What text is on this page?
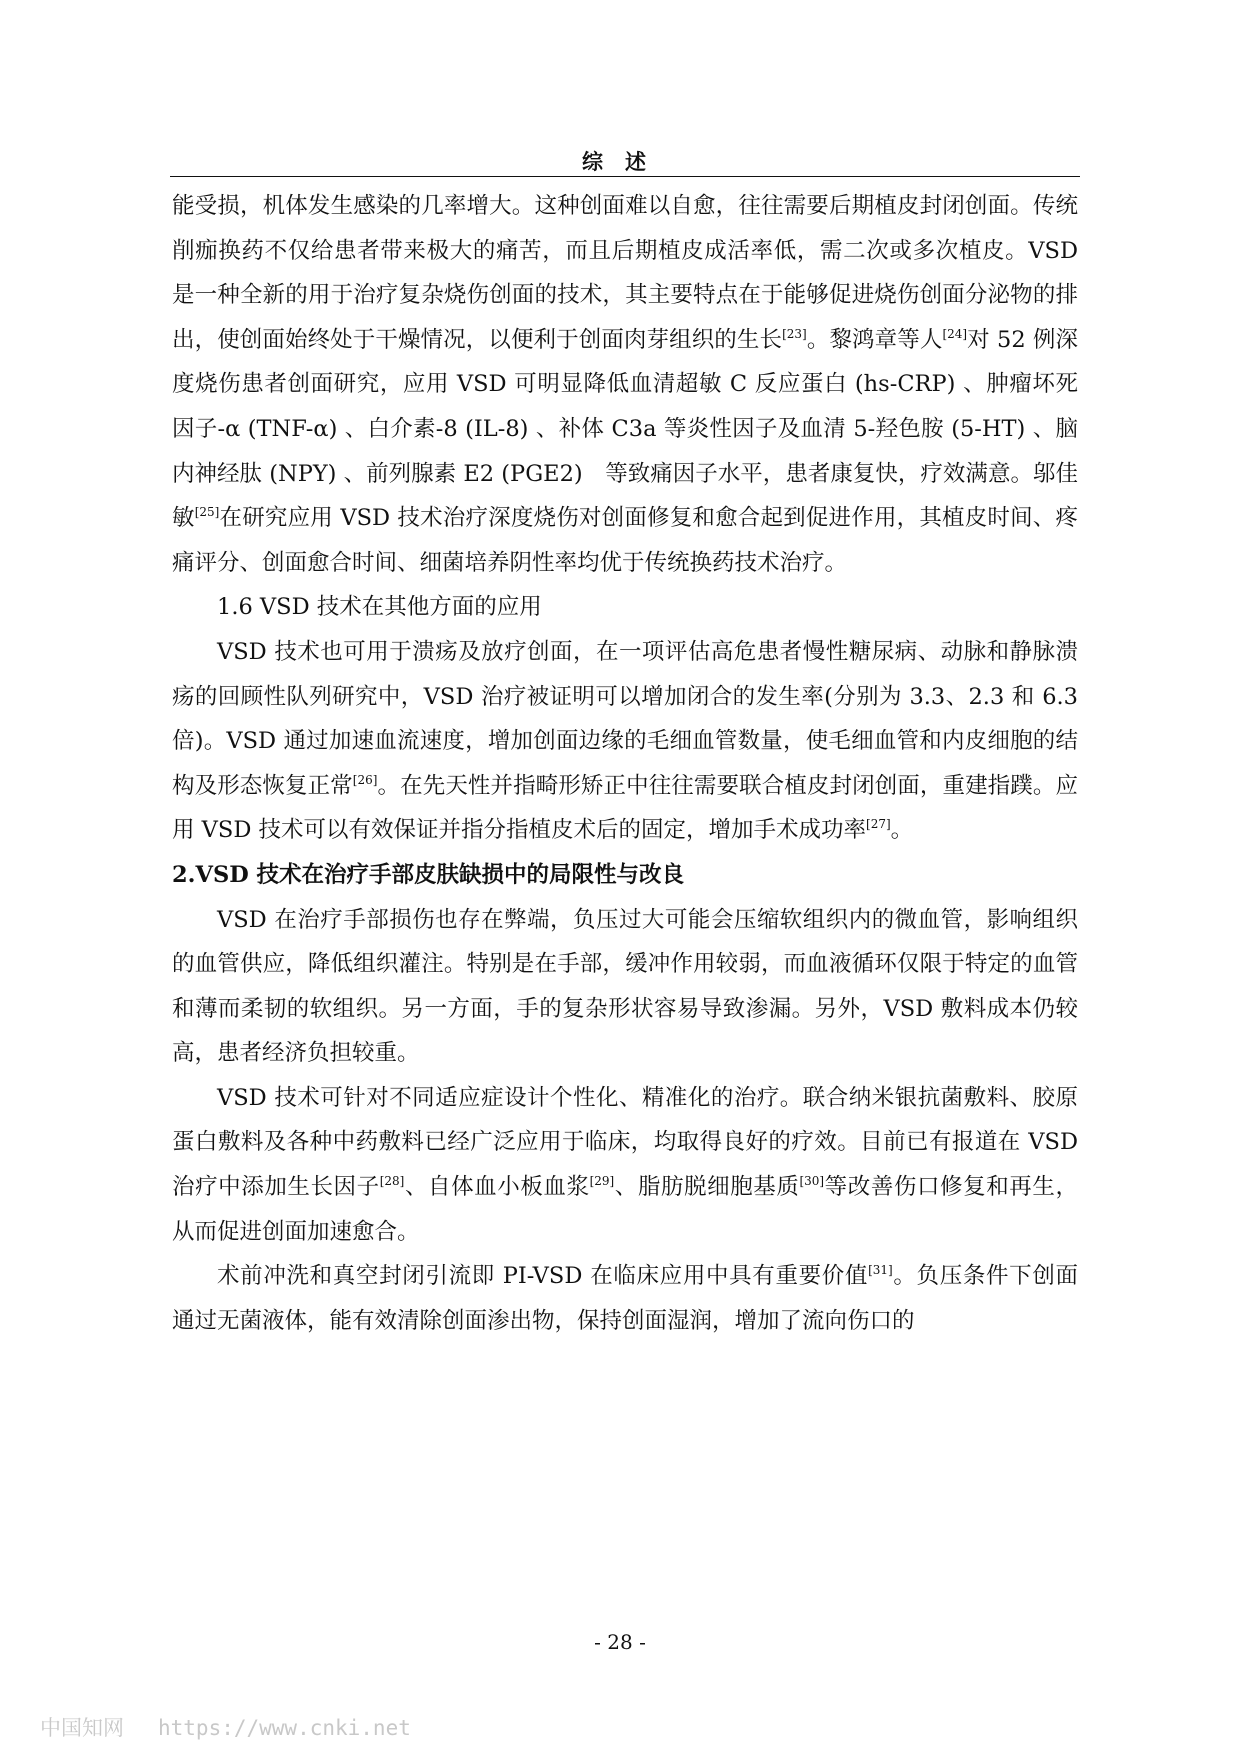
综述

能受损，机体发生感染的几率增大。这种创面难以自愈，往往需要后期植皮封闭创面。传统削痂换药不仅给患者带来极大的痛苦，而且后期植皮成活率低，需二次或多次植皮。VSD 是一种全新的用于治疗复杂烧伤创面的技术，其主要特点在于能够促进烧伤创面分泌物的排出，使创面始终处于干燥情况，以便利于创面肉芽组织的生长[23]。黎鸿章等人[24]对 52 例深度烧伤患者创面研究，应用 VSD 可明显降低血清超敏 C 反应蛋白 (hs-CRP) 、肿瘤坏死因子-α (TNF-α) 、白介素-8 (IL-8) 、补体 C3a 等炎性因子及血清 5-羟色胺 (5-HT) 、脑内神经肽 (NPY) 、前列腺素 E2 (PGE2)　等致痛因子水平，患者康复快，疗效满意。邬佳敏[25]在研究应用 VSD 技术治疗深度烧伤对创面修复和愈合起到促进作用，其植皮时间、疼痛评分、创面愈合时间、细菌培养阴性率均优于传统换药技术治疗。

1.6 VSD 技术在其他方面的应用

VSD 技术也可用于溃疡及放疗创面，在一项评估高危患者慢性糖尿病、动脉和静脉溃疡的回顾性队列研究中，VSD 治疗被证明可以增加闭合的发生率(分别为 3.3、2.3 和 6.3 倍)。VSD 通过加速血流速度，增加创面边缘的毛细血管数量，使毛细血管和内皮细胞的结构及形态恢复正常[26]。在先天性并指畸形矫正中往往需要联合植皮封闭创面，重建指蹼。应用 VSD 技术可以有效保证并指分指植皮术后的固定，增加手术成功率[27]。

2.VSD 技术在治疗手部皮肤缺损中的局限性与改良

VSD 在治疗手部损伤也存在弊端，负压过大可能会压缩软组织内的微血管，影响组织的血管供应，降低组织灌注。特别是在手部，缓冲作用较弱，而血液循环仅限于特定的血管和薄而柔韧的软组织。另一方面，手的复杂形状容易导致渗漏。另外，VSD 敷料成本仍较高，患者经济负担较重。

VSD 技术可针对不同适应症设计个性化、精准化的治疗。联合纳米银抗菌敷料、胶原蛋白敷料及各种中药敷料已经广泛应用于临床，均取得良好的疗效。目前已有报道在 VSD 治疗中添加生长因子[28]、自体血小板血浆[29]、脂肪脱细胞基质[30]等改善伤口修复和再生，从而促进创面加速愈合。

术前冲洗和真空封闭引流即 PI-VSD 在临床应用中具有重要价值[31]。负压条件下创面通过无菌液体，能有效清除创面渗出物，保持创面湿润，增加了流向伤口的

- 28 -
中国知网 https://www.cnki.net
